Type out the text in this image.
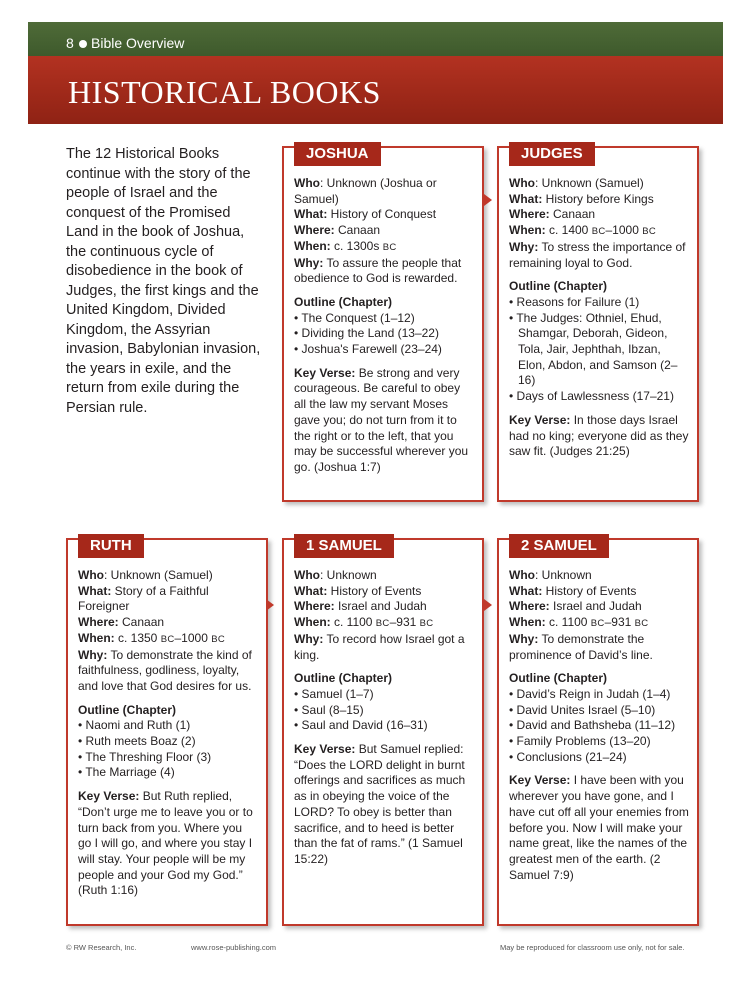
8 Bible Overview
HISTORICAL BOOKS
The 12 Historical Books continue with the story of the people of Israel and the conquest of the Promised Land in the book of Joshua, the continuous cycle of disobedience in the book of Judges, the first kings and the United Kingdom, Divided Kingdom, the Assyrian invasion, Babylonian invasion, the years in exile, and the return from exile during the Persian rule.
JOSHUA
Who: Unknown (Joshua or Samuel)
What: History of Conquest
Where: Canaan
When: c. 1300s BC
Why: To assure the people that obedience to God is rewarded.
Outline (Chapter)
• The Conquest (1–12)
• Dividing the Land (13–22)
• Joshua's Farewell (23–24)
Key Verse: Be strong and very courageous. Be careful to obey all the law my servant Moses gave you; do not turn from it to the right or to the left, that you may be successful wherever you go. (Joshua 1:7)
JUDGES
Who: Unknown (Samuel)
What: History before Kings
Where: Canaan
When: c. 1400 BC–1000 BC
Why: To stress the importance of remaining loyal to God.
Outline (Chapter)
• Reasons for Failure (1)
• The Judges: Othniel, Ehud, Shamgar, Deborah, Gideon, Tola, Jair, Jephthah, Ibzan, Elon, Abdon, and Samson (2–16)
• Days of Lawlessness (17–21)
Key Verse: In those days Israel had no king; everyone did as they saw fit. (Judges 21:25)
RUTH
Who: Unknown (Samuel)
What: Story of a Faithful Foreigner
Where: Canaan
When: c. 1350 BC–1000 BC
Why: To demonstrate the kind of faithfulness, godliness, loyalty, and love that God desires for us.
Outline (Chapter)
• Naomi and Ruth (1)
• Ruth meets Boaz (2)
• The Threshing Floor (3)
• The Marriage (4)
Key Verse: But Ruth replied, “Don’t urge me to leave you or to turn back from you. Where you go I will go, and where you stay I will stay. Your people will be my people and your God my God.” (Ruth 1:16)
1 SAMUEL
Who: Unknown
What: History of Events
Where: Israel and Judah
When: c. 1100 BC–931 BC
Why: To record how Israel got a king.
Outline (Chapter)
• Samuel (1–7)
• Saul (8–15)
• Saul and David (16–31)
Key Verse: But Samuel replied: “Does the LORD delight in burnt offerings and sacrifices as much as in obeying the voice of the LORD? To obey is better than sacrifice, and to heed is better than the fat of rams.” (1 Samuel 15:22)
2 SAMUEL
Who: Unknown
What: History of Events
Where: Israel and Judah
When: c. 1100 BC–931 BC
Why: To demonstrate the prominence of David’s line.
Outline (Chapter)
• David’s Reign in Judah (1–4)
• David Unites Israel (5–10)
• David and Bathsheba (11–12)
• Family Problems (13–20)
• Conclusions (21–24)
Key Verse: I have been with you wherever you have gone, and I have cut off all your enemies from before you. Now I will make your name great, like the names of the greatest men of the earth. (2 Samuel 7:9)
© RW Research, Inc.	www.rose-publishing.com	May be reproduced for classroom use only, not for sale.
